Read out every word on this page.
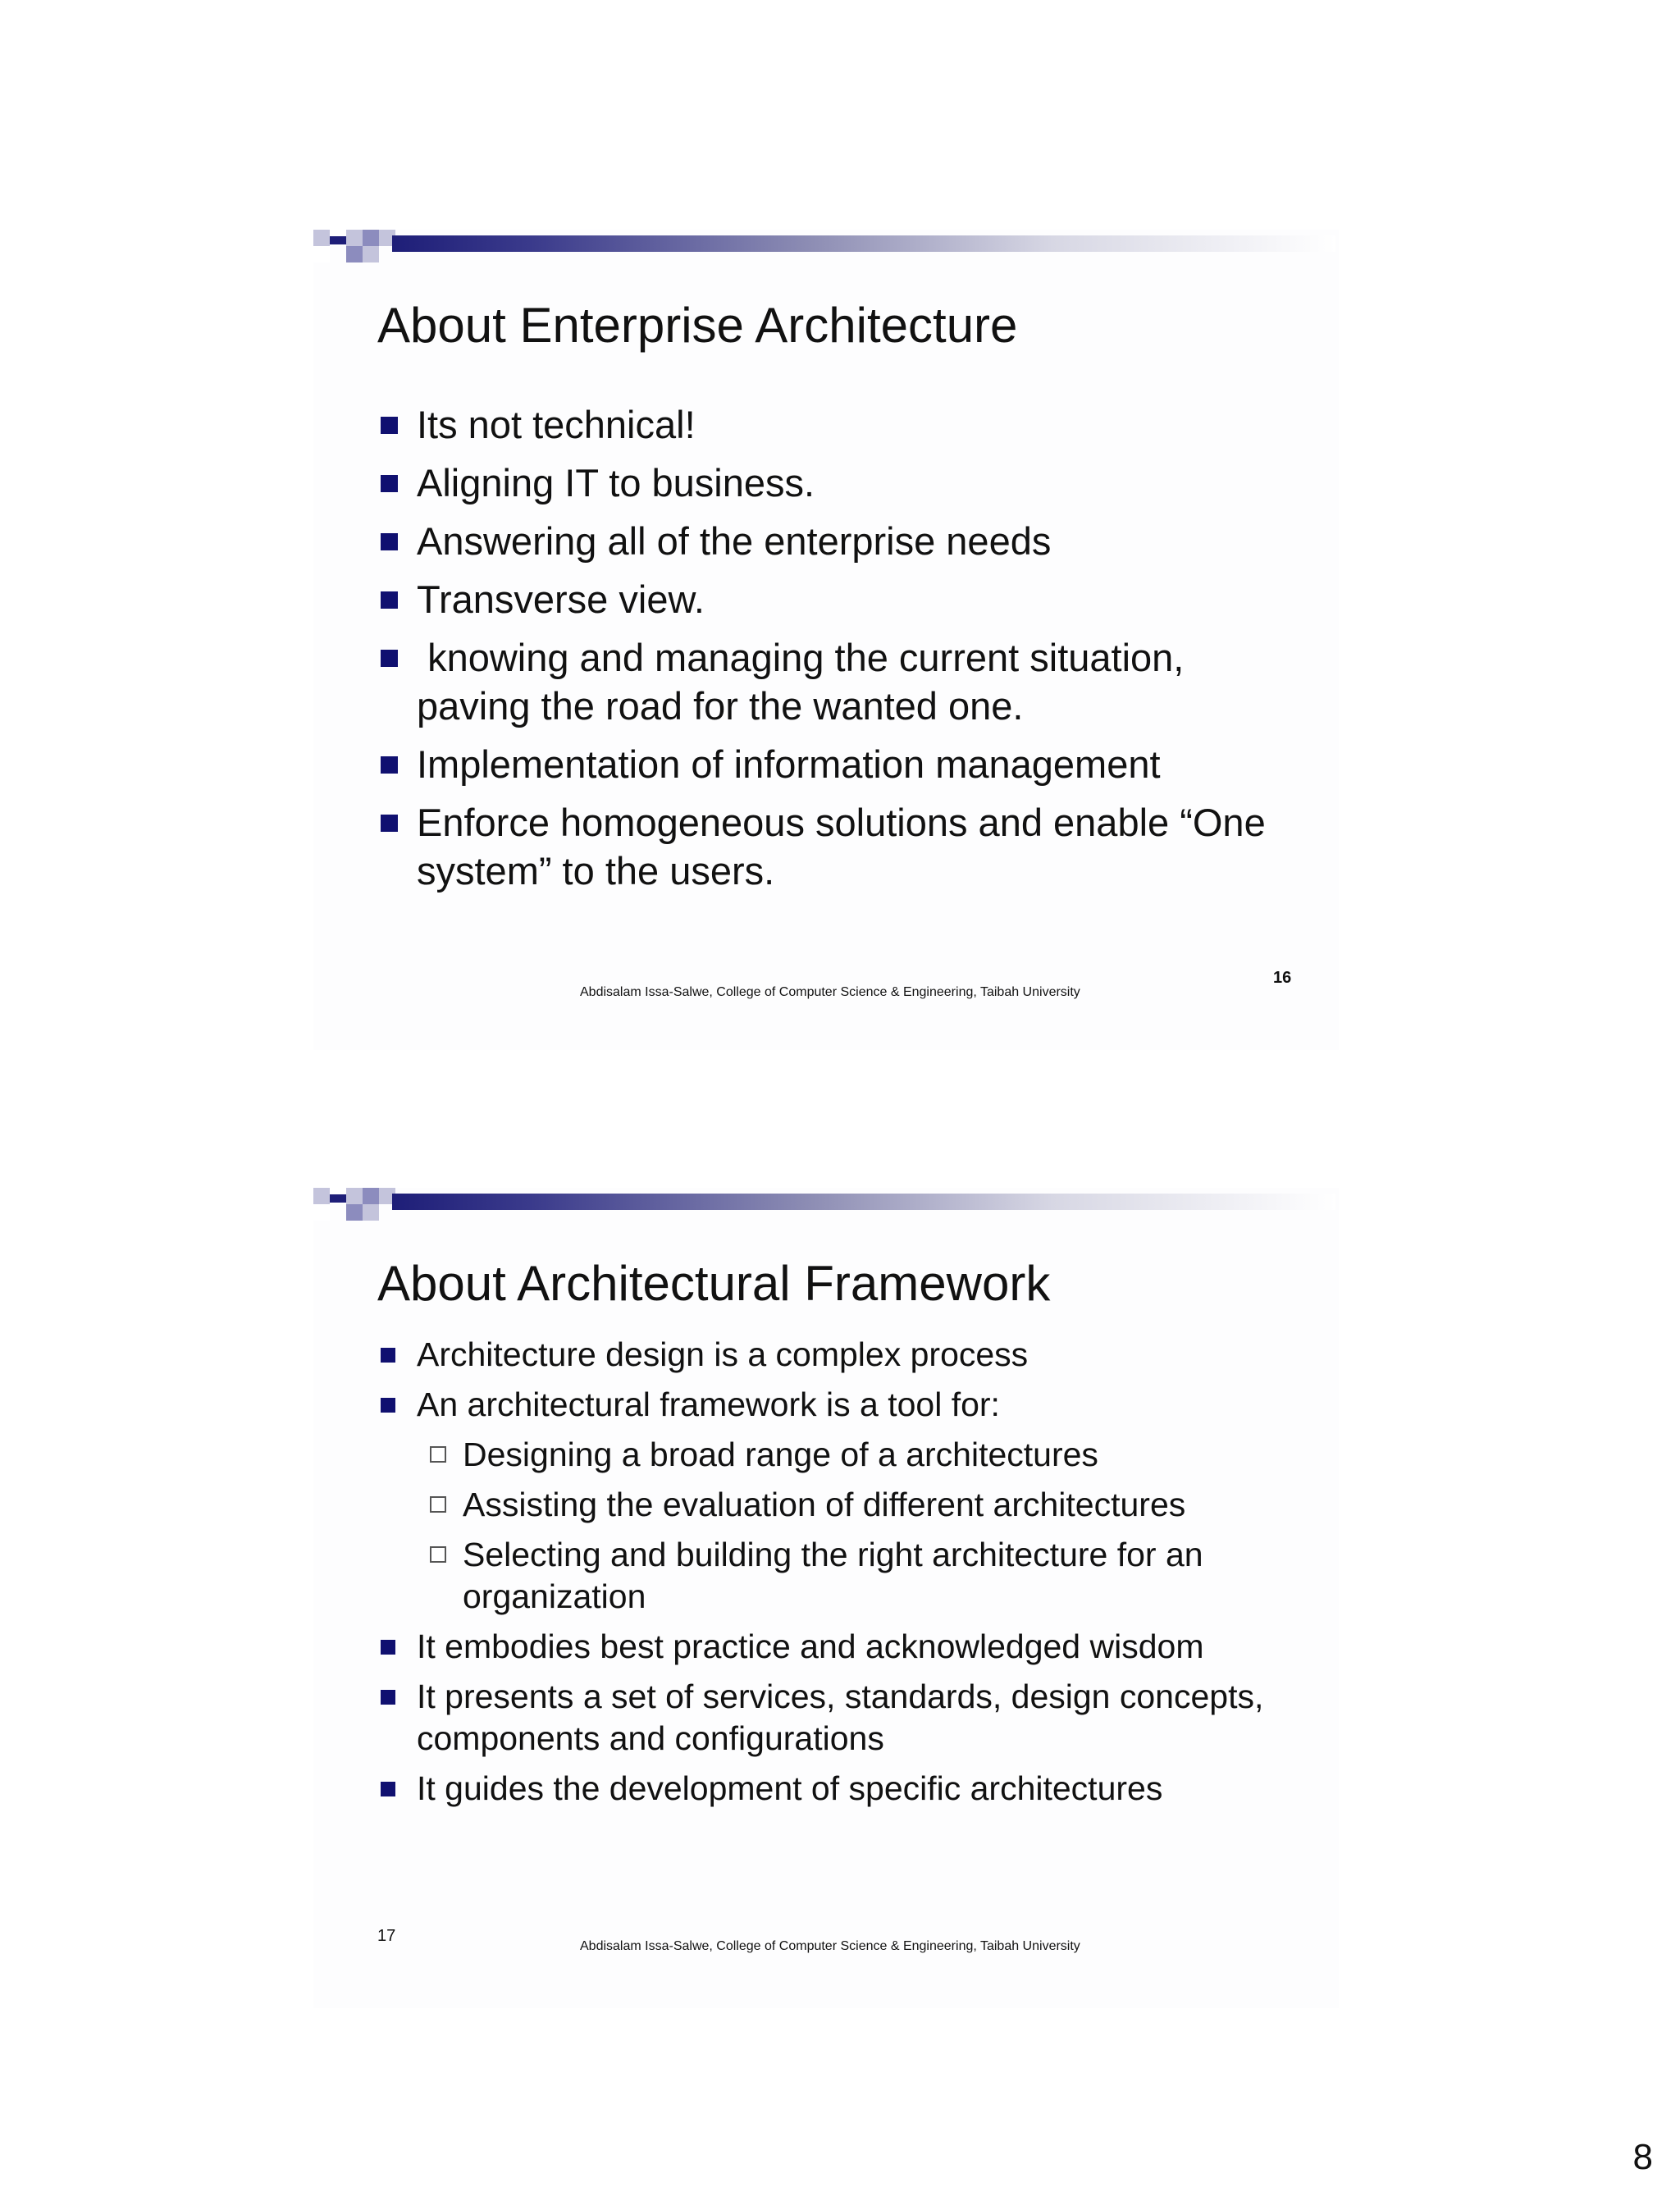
About Enterprise Architecture
Its not technical!
Aligning IT to business.
Answering all of the enterprise needs
Transverse view.
knowing and managing the current situation, paving the road for the wanted one.
Implementation of information management
Enforce homogeneous solutions and enable “One system” to the users.
Abdisalam Issa-Salwe, College of Computer Science & Engineering, Taibah University
16
About Architectural Framework
Architecture design is a complex process
An architectural framework is a tool for:
Designing a broad range of a architectures
Assisting the evaluation of different architectures
Selecting and building the right architecture for an organization
It embodies best practice and acknowledged wisdom
It presents a set of services, standards, design concepts, components and configurations
It guides the development of specific architectures
Abdisalam Issa-Salwe, College of Computer Science & Engineering, Taibah University
17
8
